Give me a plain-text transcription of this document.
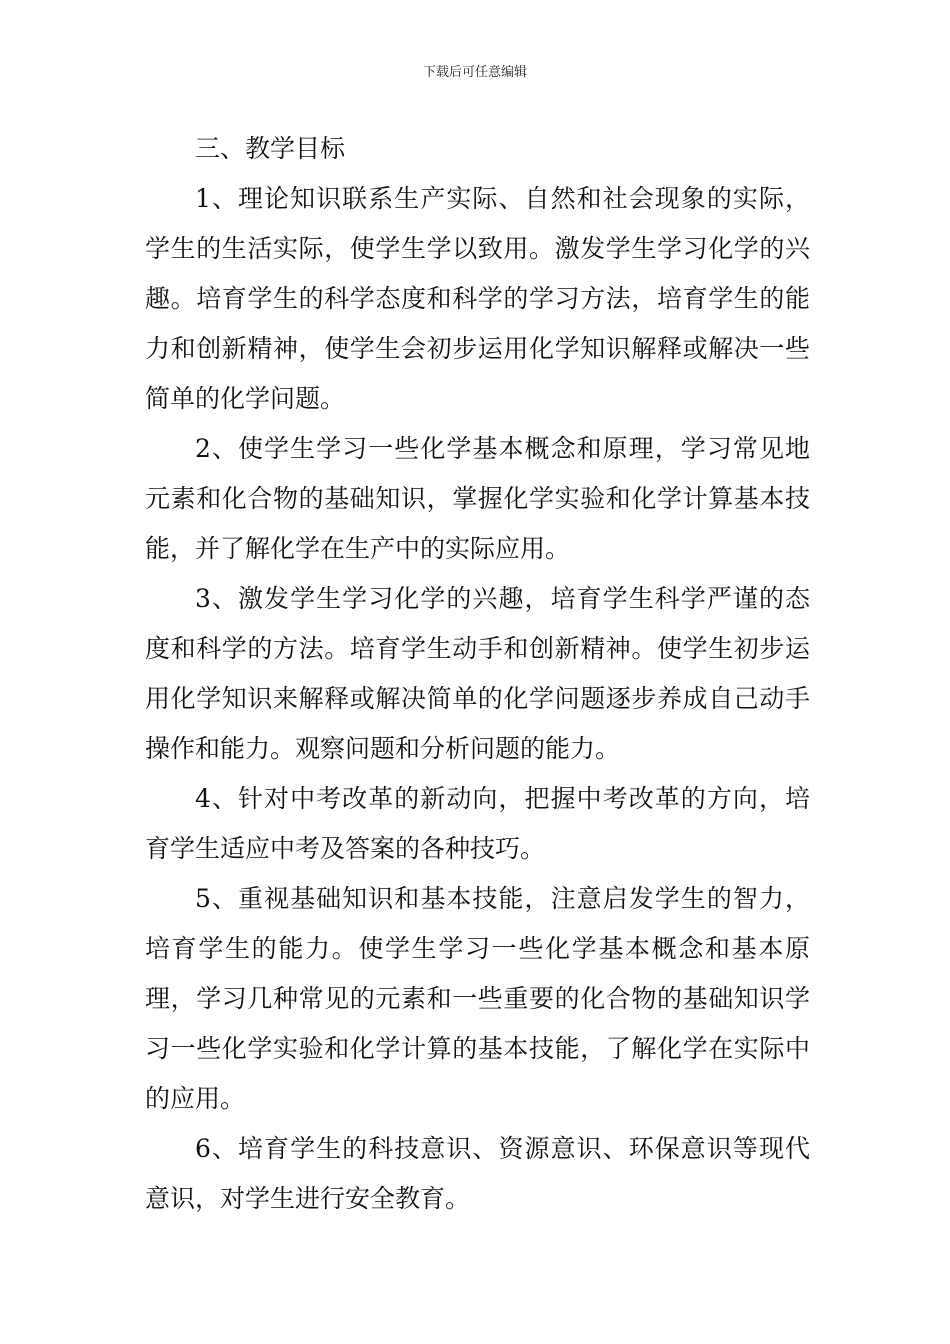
下载后可任意编辑

三、教学目标

1、理论知识联系生产实际、自然和社会现象的实际，学生的生活实际，使学生学以致用。激发学生学习化学的兴趣。培育学生的科学态度和科学的学习方法，培育学生的能力和创新精神，使学生会初步运用化学知识解释或解决一些简单的化学问题。

2、使学生学习一些化学基本概念和原理，学习常见地元素和化合物的基础知识，掌握化学实验和化学计算基本技能，并了解化学在生产中的实际应用。

3、激发学生学习化学的兴趣，培育学生科学严谨的态度和科学的方法。培育学生动手和创新精神。使学生初步运用化学知识来解释或解决简单的化学问题逐步养成自己动手操作和能力。观察问题和分析问题的能力。

4、针对中考改革的新动向，把握中考改革的方向，培育学生适应中考及答案的各种技巧。

5、重视基础知识和基本技能，注意启发学生的智力，培育学生的能力。使学生学习一些化学基本概念和基本原理，学习几种常见的元素和一些重要的化合物的基础知识学习一些化学实验和化学计算的基本技能，了解化学在实际中的应用。

6、培育学生的科技意识、资源意识、环保意识等现代意识，对学生进行安全教育。
